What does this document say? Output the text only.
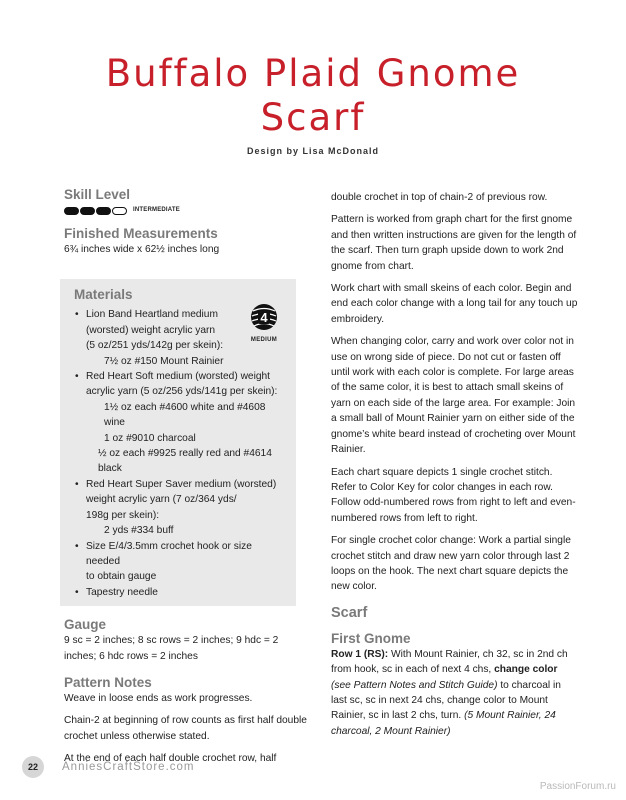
Buffalo Plaid Gnome
Scarf
Design by Lisa McDonald
Skill Level
INTERMEDIATE
Finished Measurements

6¾ inches wide x 62½ inches long

Materials
4
MEDIUM
• Lion Band Heartland medium
(worsted) weight acrylic yarn
(5 oz/251 yds/142g per skein):
7½ oz #150 Mount Rainier
• Red Heart Soft medium (worsted) weight
acrylic yarn (5 oz/256 yds/141g per skein):
1½ oz each #4600 white and #4608 wine
1 oz #9010 charcoal
½ oz each #9925 really red and #4614 black
• Red Heart Super Saver medium (worsted)
weight acrylic yarn (7 oz/364 yds/
198g per skein):
2 yds #334 buff
• Size E/4/3.5mm crochet hook or size needed
to obtain gauge
• Tapestry needle
Gauge

9 sc = 2 inches; 8 sc rows = 2 inches; 9 hdc = 2 inches; 6 hdc rows = 2 inches

Pattern Notes

Weave in loose ends as work progresses.

Chain-2 at beginning of row counts as first half double crochet unless otherwise stated.

At the end of each half double crochet row, half

double crochet in top of chain-2 of previous row.

Pattern is worked from graph chart for the first gnome and then written instructions are given for the length of the scarf. Then turn graph upside down to work 2nd gnome from chart.

Work chart with small skeins of each color. Begin and end each color change with a long tail for any touch up embroidery.

When changing color, carry and work over color not in use on wrong side of piece. Do not cut or fasten off until work with each color is complete. For large areas of the same color, it is best to attach small skeins of yarn on each side of the large area. For example: Join a small ball of Mount Rainier yarn on either side of the gnome’s white beard instead of crocheting over Mount Rainier.

Each chart square depicts 1 single crochet stitch. Refer to Color Key for color changes in each row. Follow odd-numbered rows from right to left and even-numbered rows from left to right.

For single crochet color change: Work a partial single crochet stitch and draw new yarn color through last 2 loops on the hook. The next chart square depicts the new color.

Scarf
First Gnome

Row 1 (RS): With Mount Rainier, ch 32, sc in 2nd ch from hook, sc in each of next 4 chs, change color (see Pattern Notes and Stitch Guide) to charcoal in last sc, sc in next 24 chs, change color to Mount Rainier, sc in last 2 chs, turn. (5 Mount Rainier, 24 charcoal, 2 Mount Rainier)

22	AnniesCraftStore.com
PassionForum.ru
